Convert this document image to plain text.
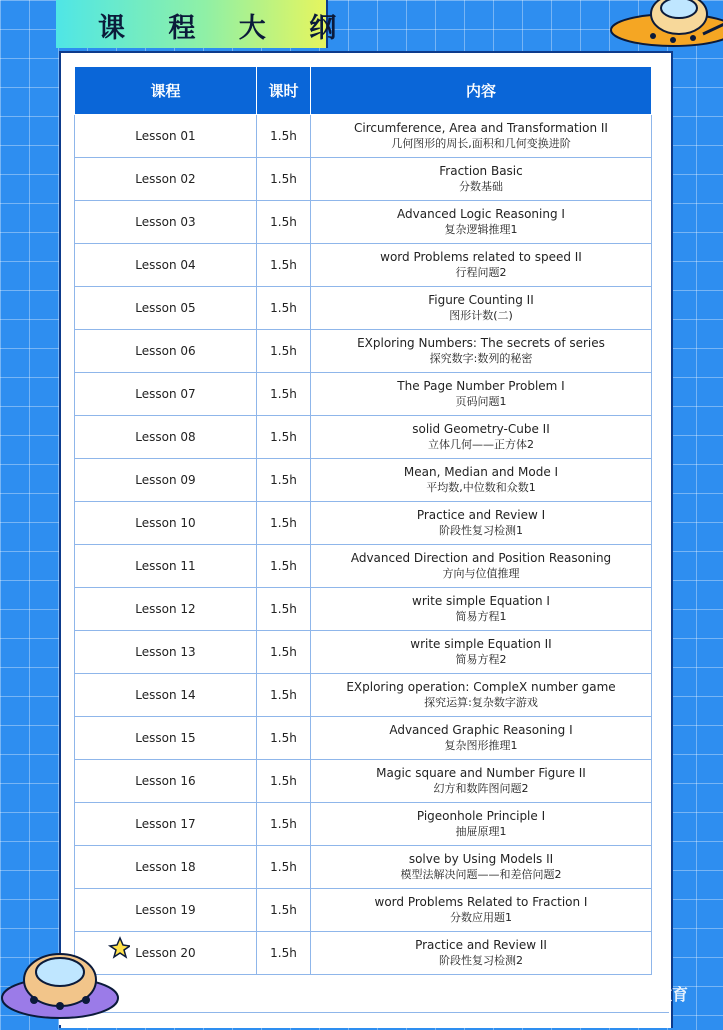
课 程 大 纲
课程	课时	内容
Lesson 01	1.5h	Circumference, Area and Transformation II
几何图形的周长,面积和几何变换进阶

Lesson 02	1.5h	Fraction Basic
分数基础

Lesson 03	1.5h	Advanced Logic Reasoning I
复杂逻辑推理1

Lesson 04	1.5h	word Problems related to speed II
行程问题2

Lesson 05	1.5h	Figure Counting II
图形计数(二)

Lesson 06	1.5h	EXploring Numbers: The secrets of series
探究数字:数列的秘密

Lesson 07	1.5h	The Page Number Problem I
页码问题1

Lesson 08	1.5h	solid Geometry-Cube II
立体几何——正方体2

Lesson 09	1.5h	Mean, Median and Mode I
平均数,中位数和众数1

Lesson 10	1.5h	Practice and Review I
阶段性复习检测1

Lesson 11	1.5h	Advanced Direction and Position Reasoning
方向与位值推理

Lesson 12	1.5h	write simple Equation I
简易方程1

Lesson 13	1.5h	write simple Equation II
简易方程2

Lesson 14	1.5h	EXploring operation: CompleX number game
探究运算:复杂数字游戏

Lesson 15	1.5h	Advanced Graphic Reasoning I
复杂图形推理1

Lesson 16	1.5h	Magic square and Number Figure II
幻方和数阵图问题2

Lesson 17	1.5h	Pigeonhole Principle I
抽屉原理1

Lesson 18	1.5h	solve by Using Models II
模型法解决问题——和差倍问题2

Lesson 19	1.5h	word Problems Related to Fraction I
分数应用题1

Lesson 20	1.5h	Practice and Review II
阶段性复习检测2
上海思维教育
